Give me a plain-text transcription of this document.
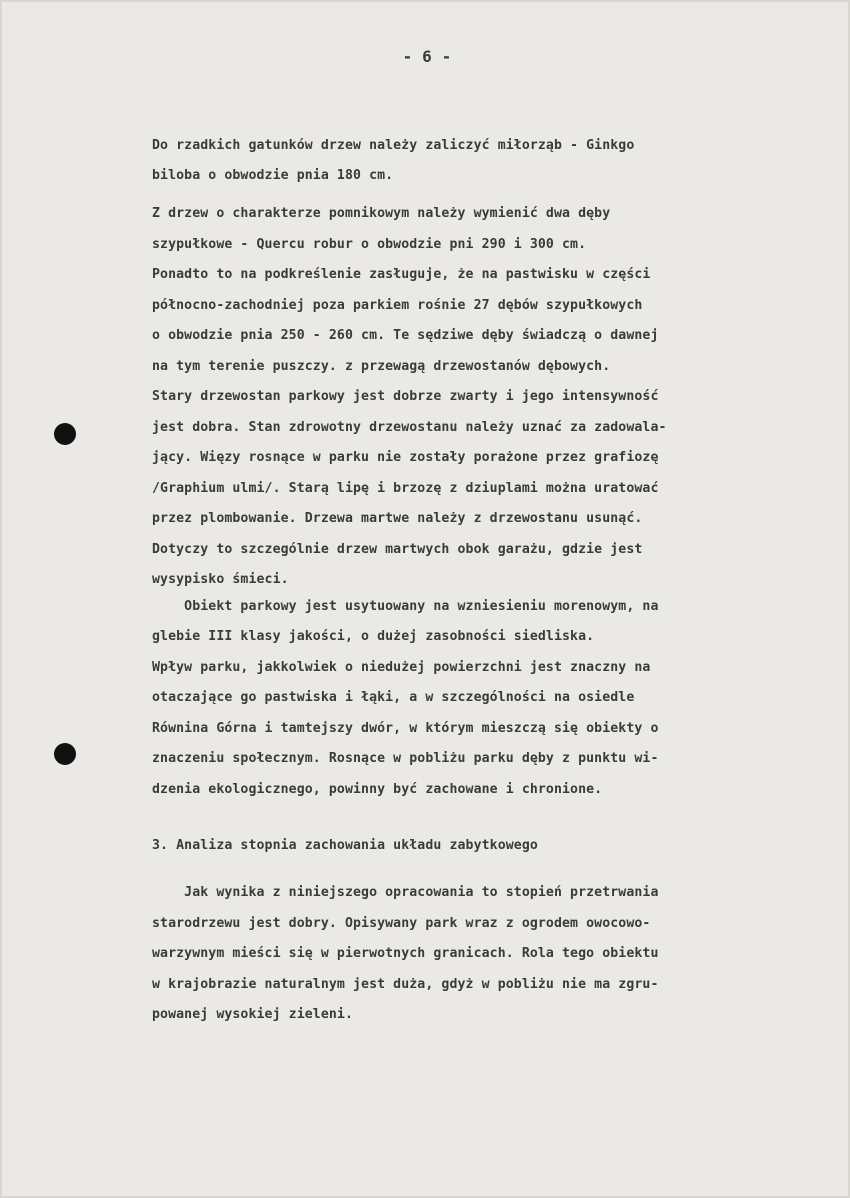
- 6 -
Do rzadkich gatunków drzew należy zaliczyć miłorząb - Ginkgo
biloba o obwodzie pnia 180 cm.
Z drzew o charakterze pomnikowym należy wymienić dwa dęby
szypułkowe - Quercu robur o obwodzie pni 290 i 300 cm.
Ponadto to na podkreślenie zasługuje, że na pastwisku w części
północno-zachodniej poza parkiem rośnie 27 dębów szypułkowych
o obwodzie pnia 250 - 260 cm. Te sędziwe dęby świadczą o dawnej
na tym terenie puszczy. z przewagą drzewostanów dębowych.
Stary drzewostan parkowy jest dobrze zwarty i jego intensywność
jest dobra. Stan zdrowotny drzewostanu należy uznać za zadowala-
jący. Więzy rosnące w parku nie zostały porażone przez grafiozę
/Graphium ulmi/. Starą lipę i brzozę z dziuplami można uratować
przez plombowanie. Drzewa martwe należy z drzewostanu usunąć.
Dotyczy to szczególnie drzew martwych obok garażu, gdzie jest
wysypisko śmieci.
Obiekt parkowy jest usytuowany na wzniesieniu morenowym, na
glebie III klasy jakości, o dużej zasobności siedliska.
Wpływ parku, jakkolwiek o niedużej powierzchni jest znaczny na
otaczające go pastwiska i łąki, a w szczególności na osiedle
Równina Górna i tamtejszy dwór, w którym mieszczą się obiekty o
znaczeniu społecznym. Rosnące w pobliżu parku dęby z punktu wi-
dzenia ekologicznego, powinny być zachowane i chronione.
3. Analiza stopnia zachowania układu zabytkowego
Jak wynika z niniejszego opracowania to stopień przetrwania
starodrzewu jest dobry. Opisywany park wraz z ogrodem owocowo-
warzywnym mieści się w pierwotnych granicach. Rola tego obiektu
w krajobrazie naturalnym jest duża, gdyż w pobliżu nie ma zgru-
powanej wysokiej zieleni.
